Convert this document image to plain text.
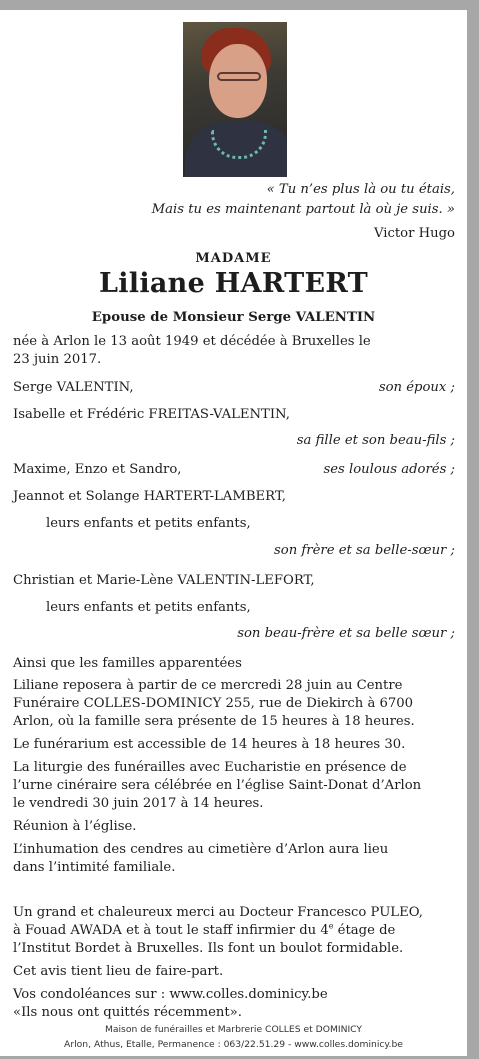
« Tu n’es plus là ou tu étais,
Mais tu es maintenant partout là où je suis. »
Victor Hugo
MADAME
Liliane HARTERT
Epouse de Monsieur Serge VALENTIN
née à Arlon le 13 août 1949 et décédée à Bruxelles le
23 juin 2017.
Serge VALENTIN,	son époux ;
Isabelle et Frédéric FREITAS-VALENTIN,
sa fille et son beau-fils ;
Maxime, Enzo et Sandro,	ses loulous adorés ;
Jeannot et Solange HARTERT-LAMBERT,
leurs enfants et petits enfants,
son frère et sa belle-sœur ;
Christian et Marie-Lène VALENTIN-LEFORT,
leurs enfants et petits enfants,
son beau-frère et sa belle sœur ;
Ainsi que les familles apparentées
Liliane reposera à partir de ce mercredi 28 juin au Centre
Funéraire COLLES-DOMINICY 255, rue de Diekirch à 6700
Arlon, où la famille sera présente de 15 heures à 18 heures.
Le funérarium est accessible de 14 heures à 18 heures 30.
La liturgie des funérailles avec Eucharistie en présence de
l’urne cinéraire sera célébrée en l’église Saint-Donat d’Arlon
le vendredi 30 juin 2017 à 14 heures.
Réunion à l’église.
L’inhumation des cendres au cimetière d’Arlon aura lieu
dans l’intimité familiale.
Un grand et chaleureux merci au Docteur Francesco PULEO,
à Fouad AWADA et à tout le staff infirmier du 4e étage de
l’Institut Bordet à Bruxelles. Ils font un boulot formidable.
Cet avis tient lieu de faire-part.
Vos condoléances sur : www.colles.dominicy.be
«Ils nous ont quittés récemment».
Maison de funérailles et Marbrerie COLLES et DOMINICY
Arlon, Athus, Etalle, Permanence : 063/22.51.29 - www.colles.dominicy.be
